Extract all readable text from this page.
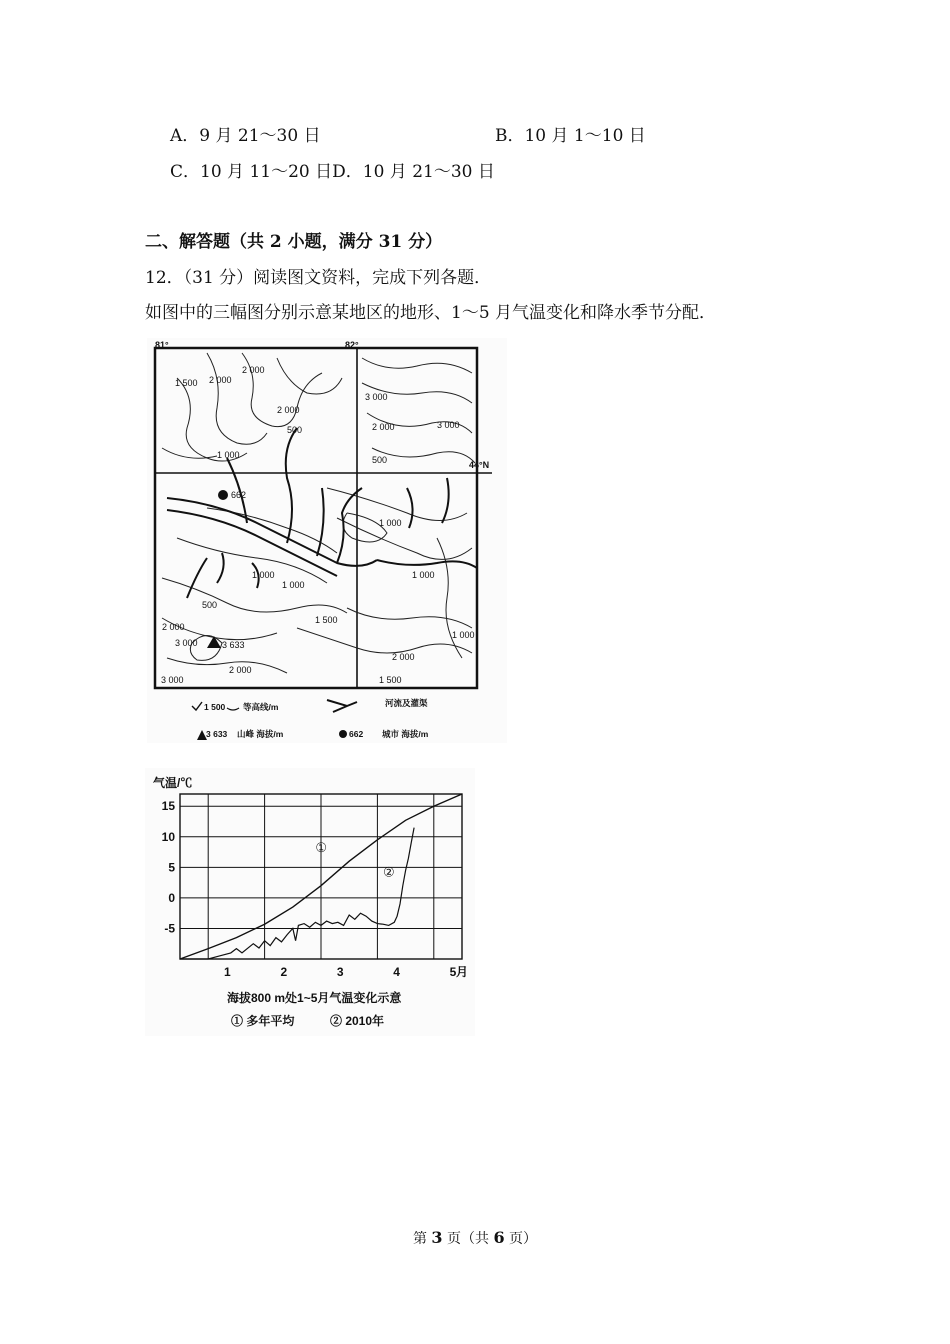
A．9 月 21～30 日	B．10 月 1～10 日
C．10 月 11～20 日D．10 月 21～30 日
二、解答题（共 2 小题，满分 31 分）
12．（31 分）阅读图文资料，完成下列各题．
如图中的三幅图分别示意某地区的地形、1～5 月气温变化和降水季节分配．
81°	82°
44°N
1 500 2 000
2 000
2 000
3 000
500
1 000
2 000	3 000
500
1 000
1 000
1 000
500
1 000
1 500
2 000
3 000
2 000
3 000
2 000
1 500
1 000
662
3 633
1 500 等高线/m	河流及灌渠
3 633 山峰 海拔/m	662 城市 海拔/m
气温/℃
15
10
5
0
-5
1	2	3	4	5
①
②
月
海拔800 m处1~5月气温变化示意
① 多年平均	② 2010年
第 3 页（共 6 页）
